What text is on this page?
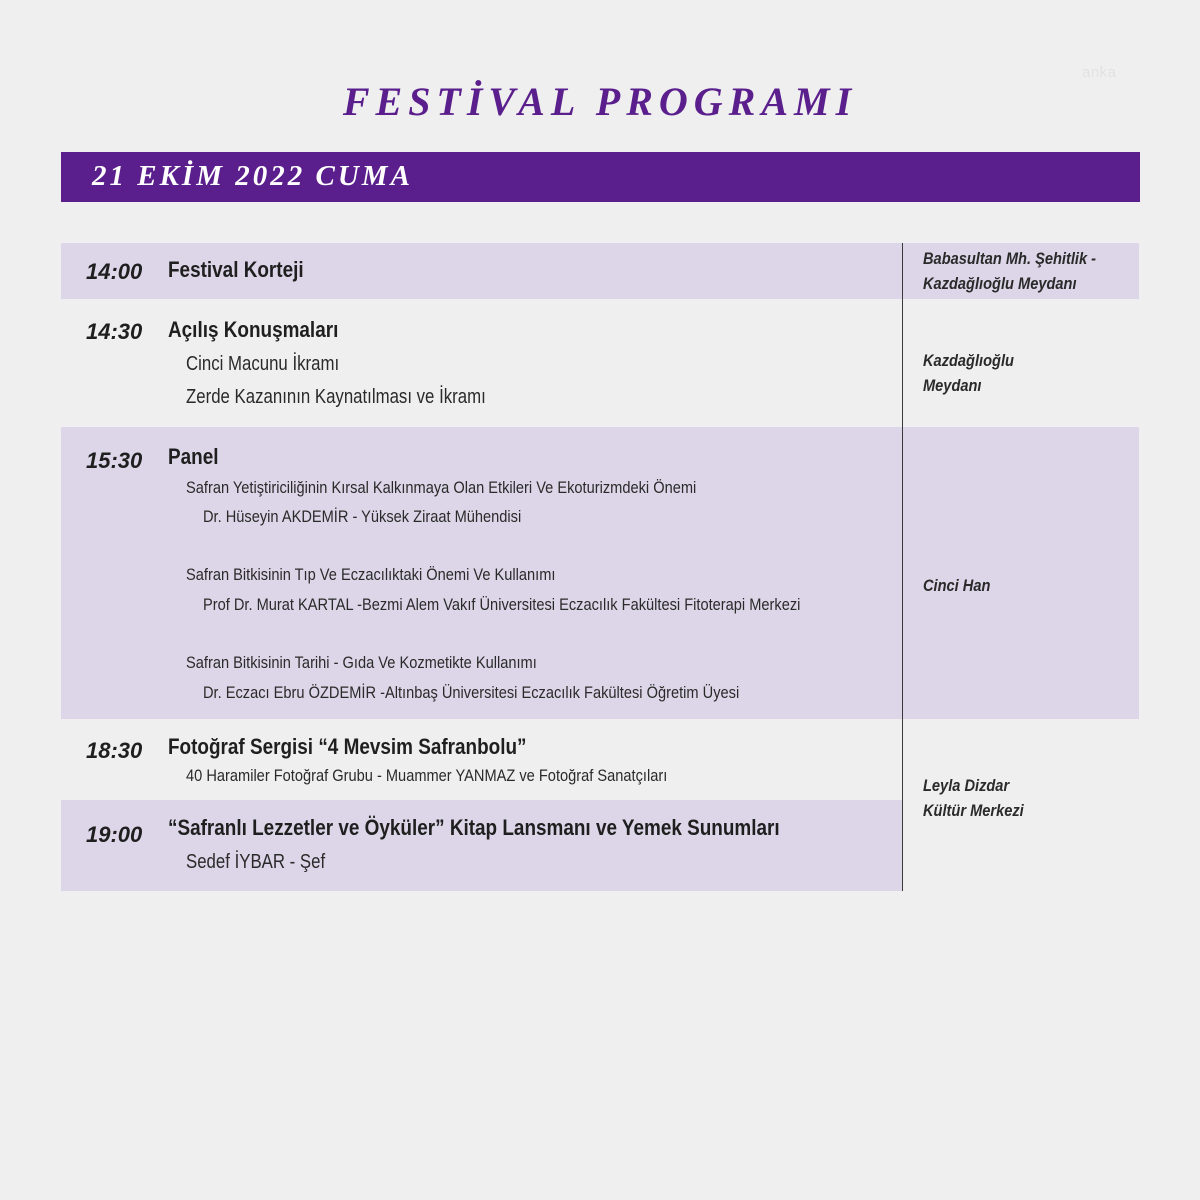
anka
FESTİVAL PROGRAMI
21 EKİM 2022 CUMA
14:00 Festival Korteji
14:30 Açılış Konuşmaları
Cinci Macunu İkramı
Zerde Kazanının Kaynatılması ve İkramı
15:30 Panel
Safran Yetiştiriciliğinin Kırsal Kalkınmaya Olan Etkileri Ve Ekoturizmdeki Önemi
Dr. Hüseyin AKDEMİR - Yüksek Ziraat Mühendisi
Safran Bitkisinin Tıp Ve Eczacılıktaki Önemi Ve Kullanımı
Prof Dr. Murat KARTAL -Bezmi Alem Vakıf Üniversitesi Eczacılık Fakültesi Fitoterapi Merkezi
Safran Bitkisinin Tarihi - Gıda Ve Kozmetikte Kullanımı
Dr. Eczacı Ebru ÖZDEMİR -Altınbaş Üniversitesi Eczacılık Fakültesi Öğretim Üyesi
18:30 Fotoğraf Sergisi “4 Mevsim Safranbolu”
40 Haramiler Fotoğraf Grubu - Muammer YANMAZ ve Fotoğraf Sanatçıları
19:00 “Safranlı Lezzetler ve Öyküler” Kitap Lansmanı ve Yemek Sunumları
Sedef İYBAR - Şef
Babasultan Mh. Şehitlik -
Kazdağlıoğlu Meydanı
Kazdağlıoğlu
Meydanı
Cinci Han
Leyla Dizdar
Kültür Merkezi
